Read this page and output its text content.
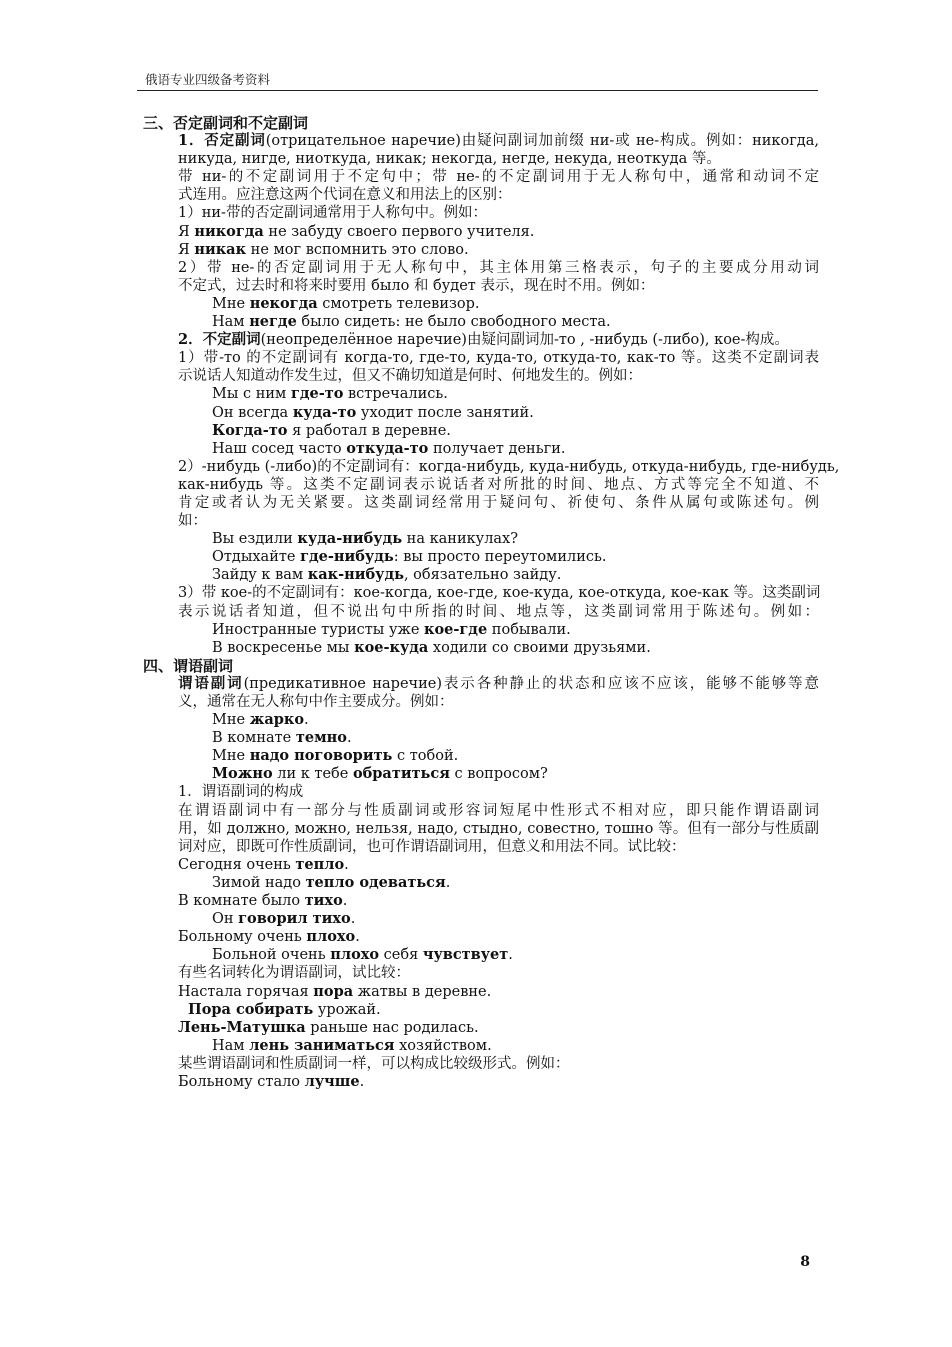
俄语专业四级备考资料
三、否定副词和不定副词
1．否定副词(отрицательное наречие)由疑问副词加前缀 ни-或 не-构成。例如：никогда,
никуда, нигде, ниоткуда, никак; некогда, негде, некуда, неоткуда 等。
带 ни-的不定副词用于不定句中；带 не-的不定副词用于无人称句中，通常和动词不定
式连用。应注意这两个代词在意义和用法上的区别：
1）ни-带的否定副词通常用于人称句中。例如：
Я никогда не забуду своего первого учителя.
Я никак не мог вспомнить это слово.
2）带 не-的否定副词用于无人称句中，其主体用第三格表示，句子的主要成分用动词
不定式，过去时和将来时要用 было 和 будет 表示，现在时不用。例如：
Мне некогда смотреть телевизор.
Нам негде было сидеть: не было свободного места.
2．不定副词(неопределённое наречие)由疑问副词加-то , -нибудь (-либо), кое-构成。
1）带-то 的不定副词有 когда-то, где-то, куда-то, откуда-то, как-то 等。这类不定副词表
示说话人知道动作发生过，但又不确切知道是何时、何地发生的。例如：
Мы с ним где-то встречались.
Он всегда куда-то уходит после занятий.
Когда-то я работал в деревне.
Наш сосед часто откуда-то получает деньги.
2）-нибудь (-либо)的不定副词有：когда-нибудь, куда-нибудь, откуда-нибудь, где-нибудь,
как-нибудь 等。这类不定副词表示说话者对所批的时间、地点、方式等完全不知道、不
肯定或者认为无关紧要。这类副词经常用于疑问句、祈使句、条件从属句或陈述句。例
如：
Вы ездили куда-нибудь на каникулах?
Отдыхайте где-нибудь: вы просто переутомились.
Зайду к вам как-нибудь, обязательно зайду.
3）带 кое-的不定副词有：кое-когда, кое-где, кое-куда, кое-откуда, кое-как 等。这类副词
表示说话者知道，但不说出句中所指的时间、地点等，这类副词常用于陈述句。例如：
Иностранные туристы уже кое-где побывали.
В воскресенье мы кое-куда ходили со своими друзьями.
四、谓语副词
谓语副词(предикативное наречие)表示各种静止的状态和应该不应该，能够不能够等意
义，通常在无人称句中作主要成分。例如：
Мне жарко.
В комнате темно.
Мне надо поговорить с тобой.
Можно ли к тебе обратиться с вопросом?
1．谓语副词的构成
在谓语副词中有一部分与性质副词或形容词短尾中性形式不相对应，即只能作谓语副词
用，如 должно, можно, нельзя, надо, стыдно, совестно, тошно 等。但有一部分与性质副
词对应，即既可作性质副词，也可作谓语副词用，但意义和用法不同。试比较：
Сегодня очень тепло.
Зимой надо тепло одеваться.
В комнате было тихо.
Он говорил тихо.
Больному очень плохо.
Больной очень плохо себя чувствует.
有些名词转化为谓语副词，试比较：
Настала горячая пора жатвы в деревне.
Пора собирать урожай.
Лень-Матушка раньше нас родилась.
Нам лень заниматься хозяйством.
某些谓语副词和性质副词一样，可以构成比较级形式。例如：
Больному стало лучше.
8
